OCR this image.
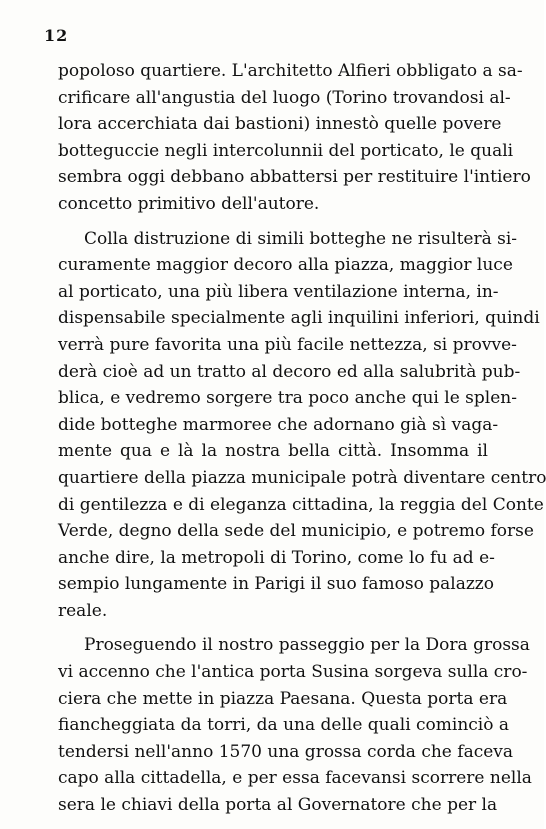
12
popoloso quartiere. L'architetto Alfieri obbligato a sa-
crificare all'angustia del luogo (Torino trovandosi al-
lora accerchiata dai bastioni) innestò quelle povere
botteguccie negli intercolunnii del porticato, le quali
sembra oggi debbano abbattersi per restituire l'intiero
concetto primitivo dell'autore.
Colla distruzione di simili botteghe ne risulterà si-
curamente maggior decoro alla piazza, maggior luce
al porticato, una più libera ventilazione interna, in-
dispensabile specialmente agli inquilini inferiori, quindi
verrà pure favorita una più facile nettezza, si provve-
derà cioè ad un tratto al decoro ed alla salubrità pub-
blica, e vedremo sorgere tra poco anche qui le splen-
dide botteghe marmoree che adornano già sì vaga-
mente qua e là la nostra bella città. Insomma il
quartiere della piazza municipale potrà diventare centro
di gentilezza e di eleganza cittadina, la reggia del Conte
Verde, degno della sede del municipio, e potremo forse
anche dire, la metropoli di Torino, come lo fu ad e-
sempio lungamente in Parigi il suo famoso palazzo
reale.
Proseguendo il nostro passeggio per la Dora grossa
vi accenno che l'antica porta Susina sorgeva sulla cro-
ciera che mette in piazza Paesana. Questa porta era
fiancheggiata da torri, da una delle quali cominciò a
tendersi nell'anno 1570 una grossa corda che faceva
capo alla cittadella, e per essa facevansi scorrere nella
sera le chiavi della porta al Governatore che per la
